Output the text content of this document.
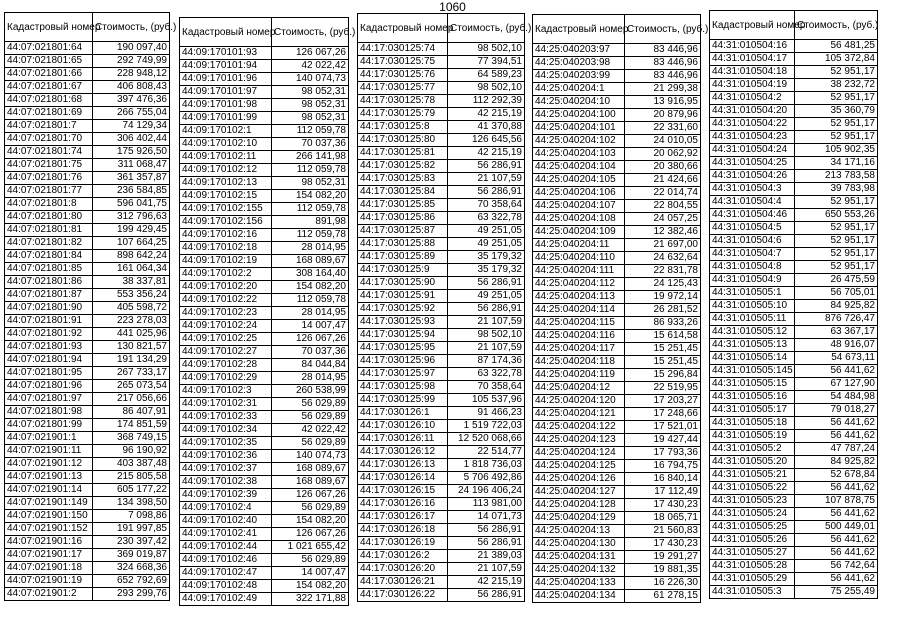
1060
Кадастровый номер	Стоимость, (руб.)
44:07:021801:64	190 097,40
44:07:021801:65	292 749,99
44:07:021801:66	228 948,12
44:07:021801:67	406 808,43
44:07:021801:68	397 476,36
44:07:021801:69	266 755,04
44:07:021801:7	74 129,34
44:07:021801:70	306 402,44
44:07:021801:74	175 926,50
44:07:021801:75	311 068,47
44:07:021801:76	361 357,87
44:07:021801:77	236 584,85
44:07:021801:8	596 041,75
44:07:021801:80	312 796,63
44:07:021801:81	199 429,45
44:07:021801:82	107 664,25
44:07:021801:84	898 642,24
44:07:021801:85	161 064,34
44:07:021801:86	38 337,81
44:07:021801:87	553 356,24
44:07:021801:90	405 598,72
44:07:021801:91	223 278,03
44:07:021801:92	441 025,96
44:07:021801:93	130 821,57
44:07:021801:94	191 134,29
44:07:021801:95	267 733,17
44:07:021801:96	265 073,54
44:07:021801:97	217 056,66
44:07:021801:98	86 407,91
44:07:021801:99	174 851,59
44:07:021901:1	368 749,15
44:07:021901:11	96 190,92
44:07:021901:12	403 387,48
44:07:021901:13	215 805,58
44:07:021901:14	605 177,22
44:07:021901:149	134 398,50
44:07:021901:150	7 098,86
44:07:021901:152	191 997,85
44:07:021901:16	230 397,42
44:07:021901:17	369 019,87
44:07:021901:18	324 668,36
44:07:021901:19	652 792,69
44:07:021901:2	293 299,76
Кадастровый номер	Стоимость, (руб.)
44:09:170101:93	126 067,26
44:09:170101:94	42 022,42
44:09:170101:96	140 074,73
44:09:170101:97	98 052,31
44:09:170101:98	98 052,31
44:09:170101:99	98 052,31
44:09:170102:1	112 059,78
44:09:170102:10	70 037,36
44:09:170102:11	266 141,98
44:09:170102:12	112 059,78
44:09:170102:13	98 052,31
44:09:170102:15	154 082,20
44:09:170102:155	112 059,78
44:09:170102:156	891,98
44:09:170102:16	112 059,78
44:09:170102:18	28 014,95
44:09:170102:19	168 089,67
44:09:170102:2	308 164,40
44:09:170102:20	154 082,20
44:09:170102:22	112 059,78
44:09:170102:23	28 014,95
44:09:170102:24	14 007,47
44:09:170102:25	126 067,26
44:09:170102:27	70 037,36
44:09:170102:28	84 044,84
44:09:170102:29	28 014,95
44:09:170102:3	260 538,99
44:09:170102:31	56 029,89
44:09:170102:33	56 029,89
44:09:170102:34	42 022,42
44:09:170102:35	56 029,89
44:09:170102:36	140 074,73
44:09:170102:37	168 089,67
44:09:170102:38	168 089,67
44:09:170102:39	126 067,26
44:09:170102:4	56 029,89
44:09:170102:40	154 082,20
44:09:170102:41	126 067,26
44:09:170102:44	1 021 655,42
44:09:170102:46	56 029,89
44:09:170102:47	14 007,47
44:09:170102:48	154 082,20
44:09:170102:49	322 171,88
Кадастровый номер	Стоимость, (руб.)
44:17:030125:74	98 502,10
44:17:030125:75	77 394,51
44:17:030125:76	64 589,23
44:17:030125:77	98 502,10
44:17:030125:78	112 292,39
44:17:030125:79	42 215,19
44:17:030125:8	41 370,88
44:17:030125:80	126 645,56
44:17:030125:81	42 215,19
44:17:030125:82	56 286,91
44:17:030125:83	21 107,59
44:17:030125:84	56 286,91
44:17:030125:85	70 358,64
44:17:030125:86	63 322,78
44:17:030125:87	49 251,05
44:17:030125:88	49 251,05
44:17:030125:89	35 179,32
44:17:030125:9	35 179,32
44:17:030125:90	56 286,91
44:17:030125:91	49 251,05
44:17:030125:92	56 286,91
44:17:030125:93	21 107,59
44:17:030125:94	98 502,10
44:17:030125:95	21 107,59
44:17:030125:96	87 174,36
44:17:030125:97	63 322,78
44:17:030125:98	70 358,64
44:17:030125:99	105 537,96
44:17:030126:1	91 466,23
44:17:030126:10	1 519 722,03
44:17:030126:11	12 520 068,66
44:17:030126:12	22 514,77
44:17:030126:13	1 818 736,03
44:17:030126:14	5 706 492,86
44:17:030126:15	24 196 406,24
44:17:030126:16	113 981,00
44:17:030126:17	14 071,73
44:17:030126:18	56 286,91
44:17:030126:19	56 286,91
44:17:030126:2	21 389,03
44:17:030126:20	21 107,59
44:17:030126:21	42 215,19
44:17:030126:22	56 286,91
Кадастровый номер	Стоимость, (руб.)
44:25:040203:97	83 446,96
44:25:040203:98	83 446,96
44:25:040203:99	83 446,96
44:25:040204:1	21 299,38
44:25:040204:10	13 916,95
44:25:040204:100	20 879,96
44:25:040204:101	22 331,60
44:25:040204:102	24 010,05
44:25:040204:103	20 062,92
44:25:040204:104	20 380,66
44:25:040204:105	21 424,66
44:25:040204:106	22 014,74
44:25:040204:107	22 804,55
44:25:040204:108	24 057,25
44:25:040204:109	12 382,46
44:25:040204:11	21 697,00
44:25:040204:110	24 632,64
44:25:040204:111	22 831,78
44:25:040204:112	24 125,43
44:25:040204:113	19 972,14
44:25:040204:114	26 281,52
44:25:040204:115	86 933,26
44:25:040204:116	15 614,58
44:25:040204:117	15 251,45
44:25:040204:118	15 251,45
44:25:040204:119	15 296,84
44:25:040204:12	22 519,95
44:25:040204:120	17 203,27
44:25:040204:121	17 248,66
44:25:040204:122	17 521,01
44:25:040204:123	19 427,44
44:25:040204:124	17 793,36
44:25:040204:125	16 794,75
44:25:040204:126	16 840,14
44:25:040204:127	17 112,49
44:25:040204:128	17 430,23
44:25:040204:129	18 065,71
44:25:040204:13	21 560,83
44:25:040204:130	17 430,23
44:25:040204:131	19 291,27
44:25:040204:132	19 881,35
44:25:040204:133	16 226,30
44:25:040204:134	61 278,15
Кадастровый номер	Стоимость, (руб.)
44:31:010504:16	56 481,25
44:31:010504:17	105 372,84
44:31:010504:18	52 951,17
44:31:010504:19	38 232,72
44:31:010504:2	52 951,17
44:31:010504:20	35 360,79
44:31:010504:22	52 951,17
44:31:010504:23	52 951,17
44:31:010504:24	105 902,35
44:31:010504:25	34 171,16
44:31:010504:26	213 783,58
44:31:010504:3	39 783,98
44:31:010504:4	52 951,17
44:31:010504:46	650 553,26
44:31:010504:5	52 951,17
44:31:010504:6	52 951,17
44:31:010504:7	52 951,17
44:31:010504:8	52 951,17
44:31:010504:9	26 475,59
44:31:010505:1	56 705,01
44:31:010505:10	84 925,82
44:31:010505:11	876 726,47
44:31:010505:12	63 367,17
44:31:010505:13	48 916,07
44:31:010505:14	54 673,11
44:31:010505:145	56 441,62
44:31:010505:15	67 127,90
44:31:010505:16	54 484,98
44:31:010505:17	79 018,27
44:31:010505:18	56 441,62
44:31:010505:19	56 441,62
44:31:010505:2	47 787,24
44:31:010505:20	84 925,82
44:31:010505:21	52 678,84
44:31:010505:22	56 441,62
44:31:010505:23	107 878,75
44:31:010505:24	56 441,62
44:31:010505:25	500 449,01
44:31:010505:26	56 441,62
44:31:010505:27	56 441,62
44:31:010505:28	56 742,64
44:31:010505:29	56 441,62
44:31:010505:3	75 255,49
